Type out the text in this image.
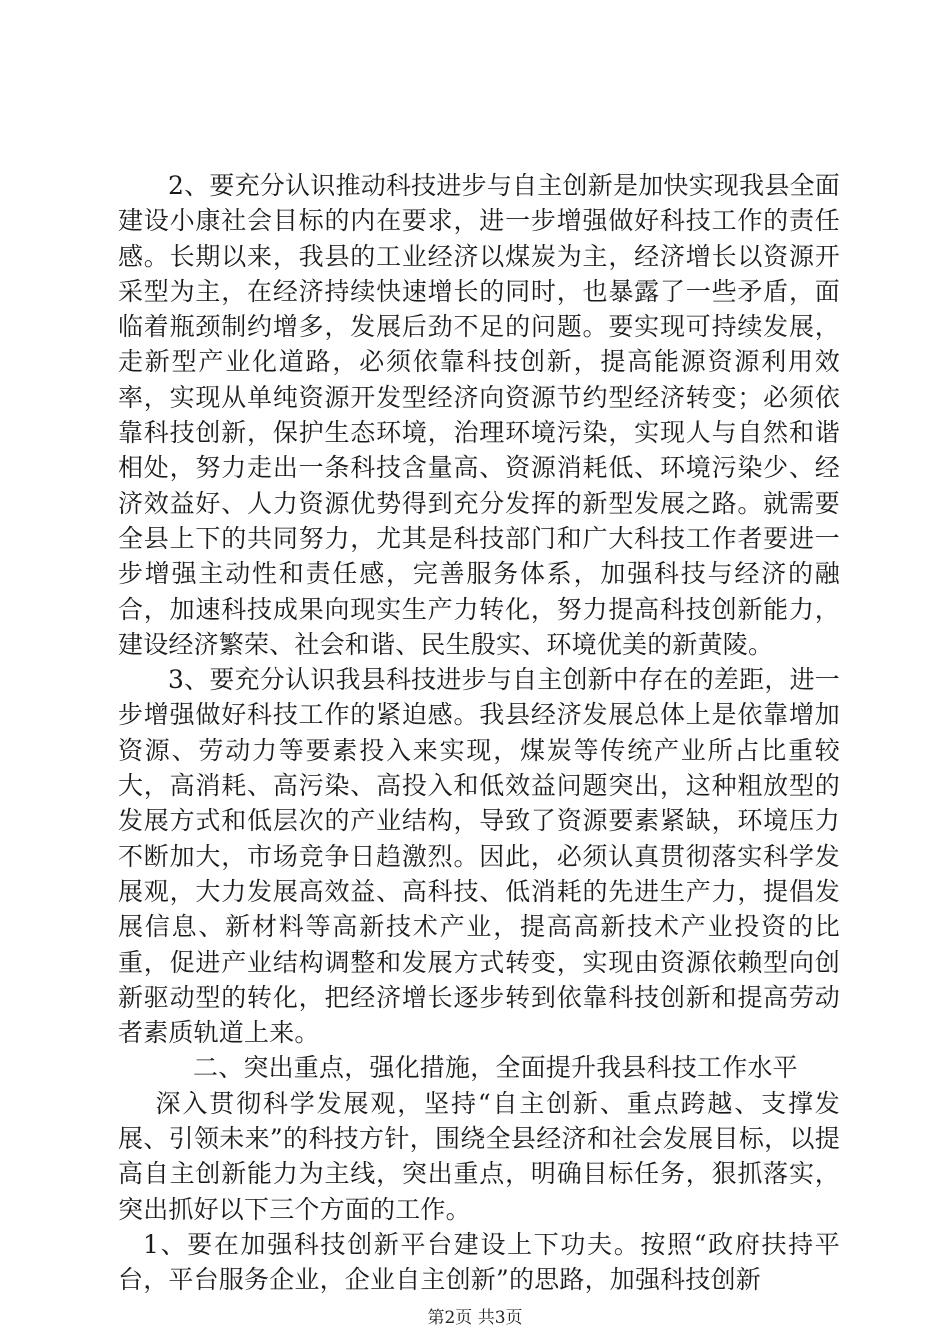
2、要充分认识推动科技进步与自主创新是加快实现我县全面建设小康社会目标的内在要求，进一步增强做好科技工作的责任感。长期以来，我县的工业经济以煤炭为主，经济增长以资源开采型为主，在经济持续快速增长的同时，也暴露了一些矛盾，面临着瓶颈制约增多，发展后劲不足的问题。要实现可持续发展，走新型产业化道路，必须依靠科技创新，提高能源资源利用效率，实现从单纯资源开发型经济向资源节约型经济转变；必须依靠科技创新，保护生态环境，治理环境污染，实现人与自然和谐相处，努力走出一条科技含量高、资源消耗低、环境污染少、经济效益好、人力资源优势得到充分发挥的新型发展之路。就需要全县上下的共同努力，尤其是科技部门和广大科技工作者要进一步增强主动性和责任感，完善服务体系，加强科技与经济的融合，加速科技成果向现实生产力转化，努力提高科技创新能力，建设经济繁荣、社会和谐、民生殷实、环境优美的新黄陵。

3、要充分认识我县科技进步与自主创新中存在的差距，进一步增强做好科技工作的紧迫感。我县经济发展总体上是依靠增加资源、劳动力等要素投入来实现，煤炭等传统产业所占比重较大，高消耗、高污染、高投入和低效益问题突出，这种粗放型的发展方式和低层次的产业结构，导致了资源要素紧缺，环境压力不断加大，市场竞争日趋激烈。因此，必须认真贯彻落实科学发展观，大力发展高效益、高科技、低消耗的先进生产力，提倡发展信息、新材料等高新技术产业，提高高新技术产业投资的比重，促进产业结构调整和发展方式转变，实现由资源依赖型向创新驱动型的转化，把经济增长逐步转到依靠科技创新和提高劳动者素质轨道上来。

二、突出重点，强化措施，全面提升我县科技工作水平

深入贯彻科学发展观，坚持“自主创新、重点跨越、支撑发展、引领未来”的科技方针，围绕全县经济和社会发展目标，以提高自主创新能力为主线，突出重点，明确目标任务，狠抓落实，突出抓好以下三个方面的工作。

1、要在加强科技创新平台建设上下功夫。按照“政府扶持平台，平台服务企业，企业自主创新”的思路，加强科技创新

第2页 共3页
